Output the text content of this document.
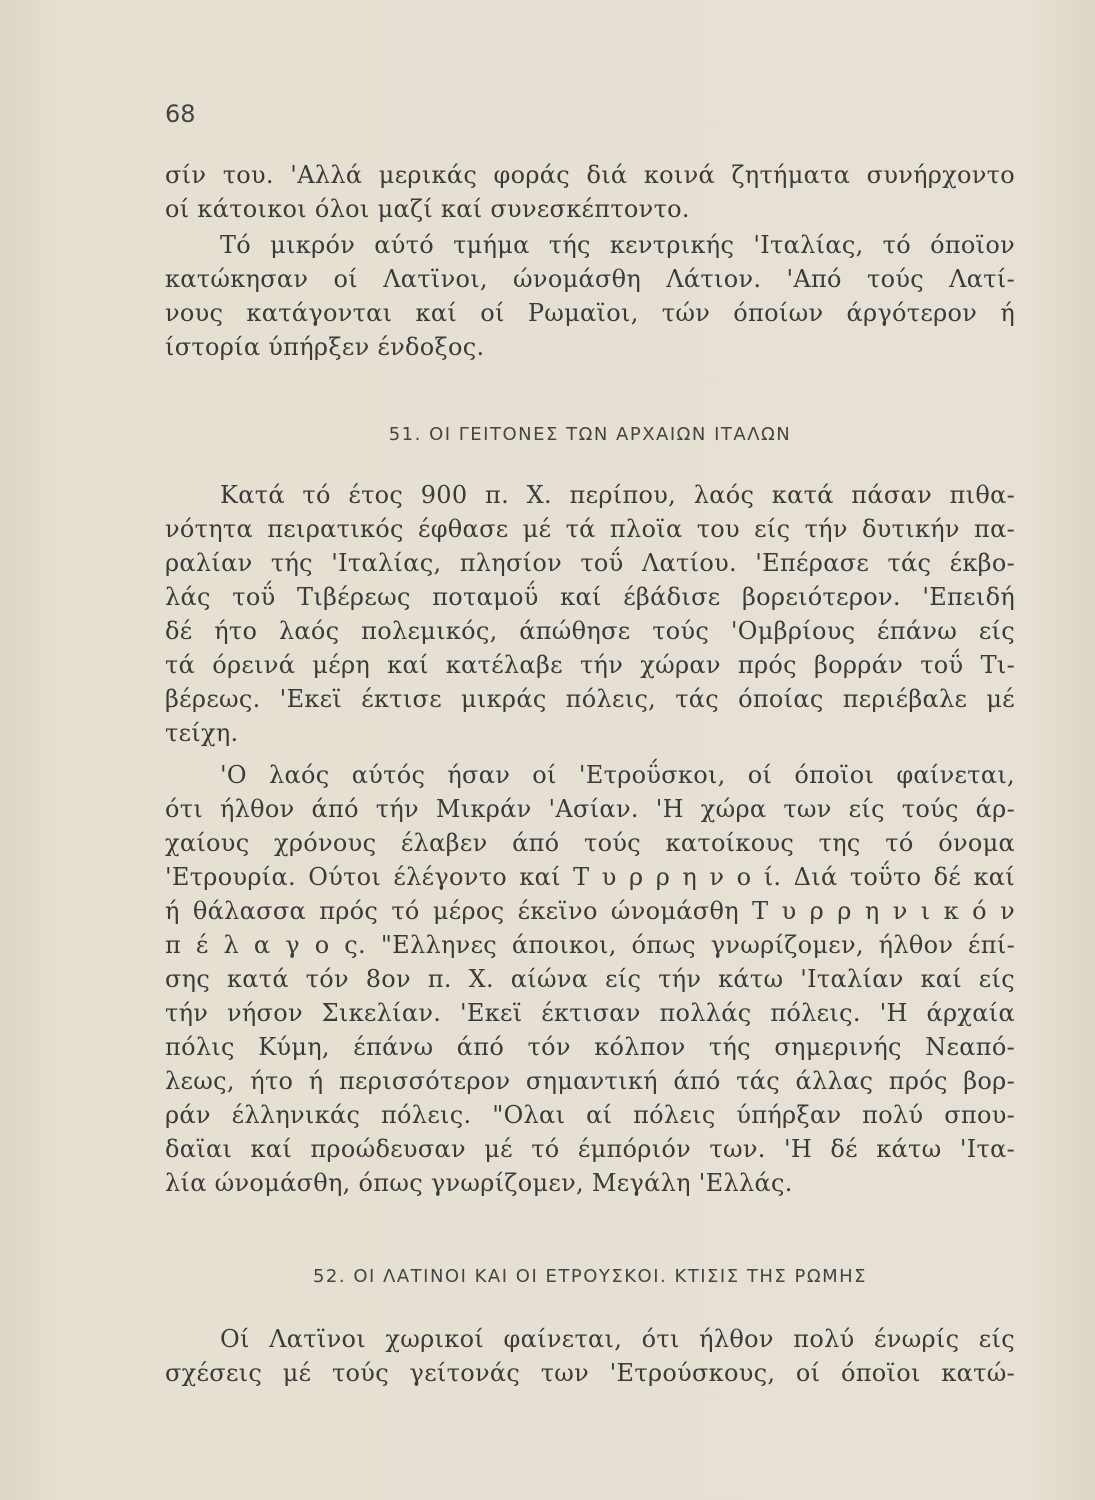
68
σίν του. 'Αλλά μερικάς φοράς διά κοινά ζητήματα συνήρχοντο
οί κάτοικοι όλοι μαζί καί συνεσκέπτοντο.
Τό μικρόν αύτό τμήμα τής κεντρικής 'Ιταλίας, τό όποϊον
κατώκησαν οί Λατϊνοι, ώνομάσθη Λάτιον. 'Από τούς Λατί-
νους κατάγονται καί οί Ρωμαϊοι, τών όποίων άργότερον ή
ίστορία ύπήρξεν ένδοξος.
51. ΟΙ ΓΕΙΤΟΝΕΣ ΤΩΝ ΑΡΧΑΙΩΝ ΙΤΑΛΩΝ
Κατά τό έτος 900 π. Χ. περίπου, λαός κατά πάσαν πιθα-
νότητα πειρατικός έφθασε μέ τά πλοϊα του είς τήν δυτικήν πα-
ραλίαν τής 'Ιταλίας, πλησίον τοΰ Λατίου. 'Επέρασε τάς έκβο-
λάς τοΰ Τιβέρεως ποταμοΰ καί έβάδισε βορειότερον. 'Επειδή
δέ ήτο λαός πολεμικός, άπώθησε τούς 'Ομβρίους έπάνω είς
τά όρεινά μέρη καί κατέλαβε τήν χώραν πρός βορράν τοΰ Τι-
βέρεως. 'Εκεϊ έκτισε μικράς πόλεις, τάς όποίας περιέβαλε μέ
τείχη.
'Ο λαός αύτός ήσαν οί 'Ετροΰσκοι, οί όποϊοι φαίνεται,
ότι ήλθον άπό τήν Μικράν 'Ασίαν. 'Η χώρα των είς τούς άρ-
χαίους χρόνους έλαβεν άπό τούς κατοίκους της τό όνομα
'Ετρουρία. Ούτοι έλέγοντο καί Τ υ ρ ρ η ν ο ί. Διά τοΰτο δέ καί
ή θάλασσα πρός τό μέρος έκεϊνο ώνομάσθη Τ υ ρ ρ η ν ι κ ό ν
π έ λ α γ ο ς. "Ελληνες άποικοι, όπως γνωρίζομεν, ήλθον έπί-
σης κατά τόν 8ον π. Χ. αίώνα είς τήν κάτω 'Ιταλίαν καί είς
τήν νήσον Σικελίαν. 'Εκεϊ έκτισαν πολλάς πόλεις. 'Η άρχαία
πόλις Κύμη, έπάνω άπό τόν κόλπον τής σημερινής Νεαπό-
λεως, ήτο ή περισσότερον σημαντική άπό τάς άλλας πρός βορ-
ράν έλληνικάς πόλεις. "Ολαι αί πόλεις ύπήρξαν πολύ σπου-
δαϊαι καί προώδευσαν μέ τό έμπόριόν των. 'Η δέ κάτω 'Ιτα-
λία ώνομάσθη, όπως γνωρίζομεν, Μεγάλη 'Ελλάς.
52. ΟΙ ΛΑΤΙΝΟΙ ΚΑΙ ΟΙ ΕΤΡΟΥΣΚΟΙ. ΚΤΙΣΙΣ ΤΗΣ ΡΩΜΗΣ
Οί Λατϊνοι χωρικοί φαίνεται, ότι ήλθον πολύ ένωρίς είς
σχέσεις μέ τούς γείτονάς των 'Ετρούσκους, οί όποϊοι κατώ-
